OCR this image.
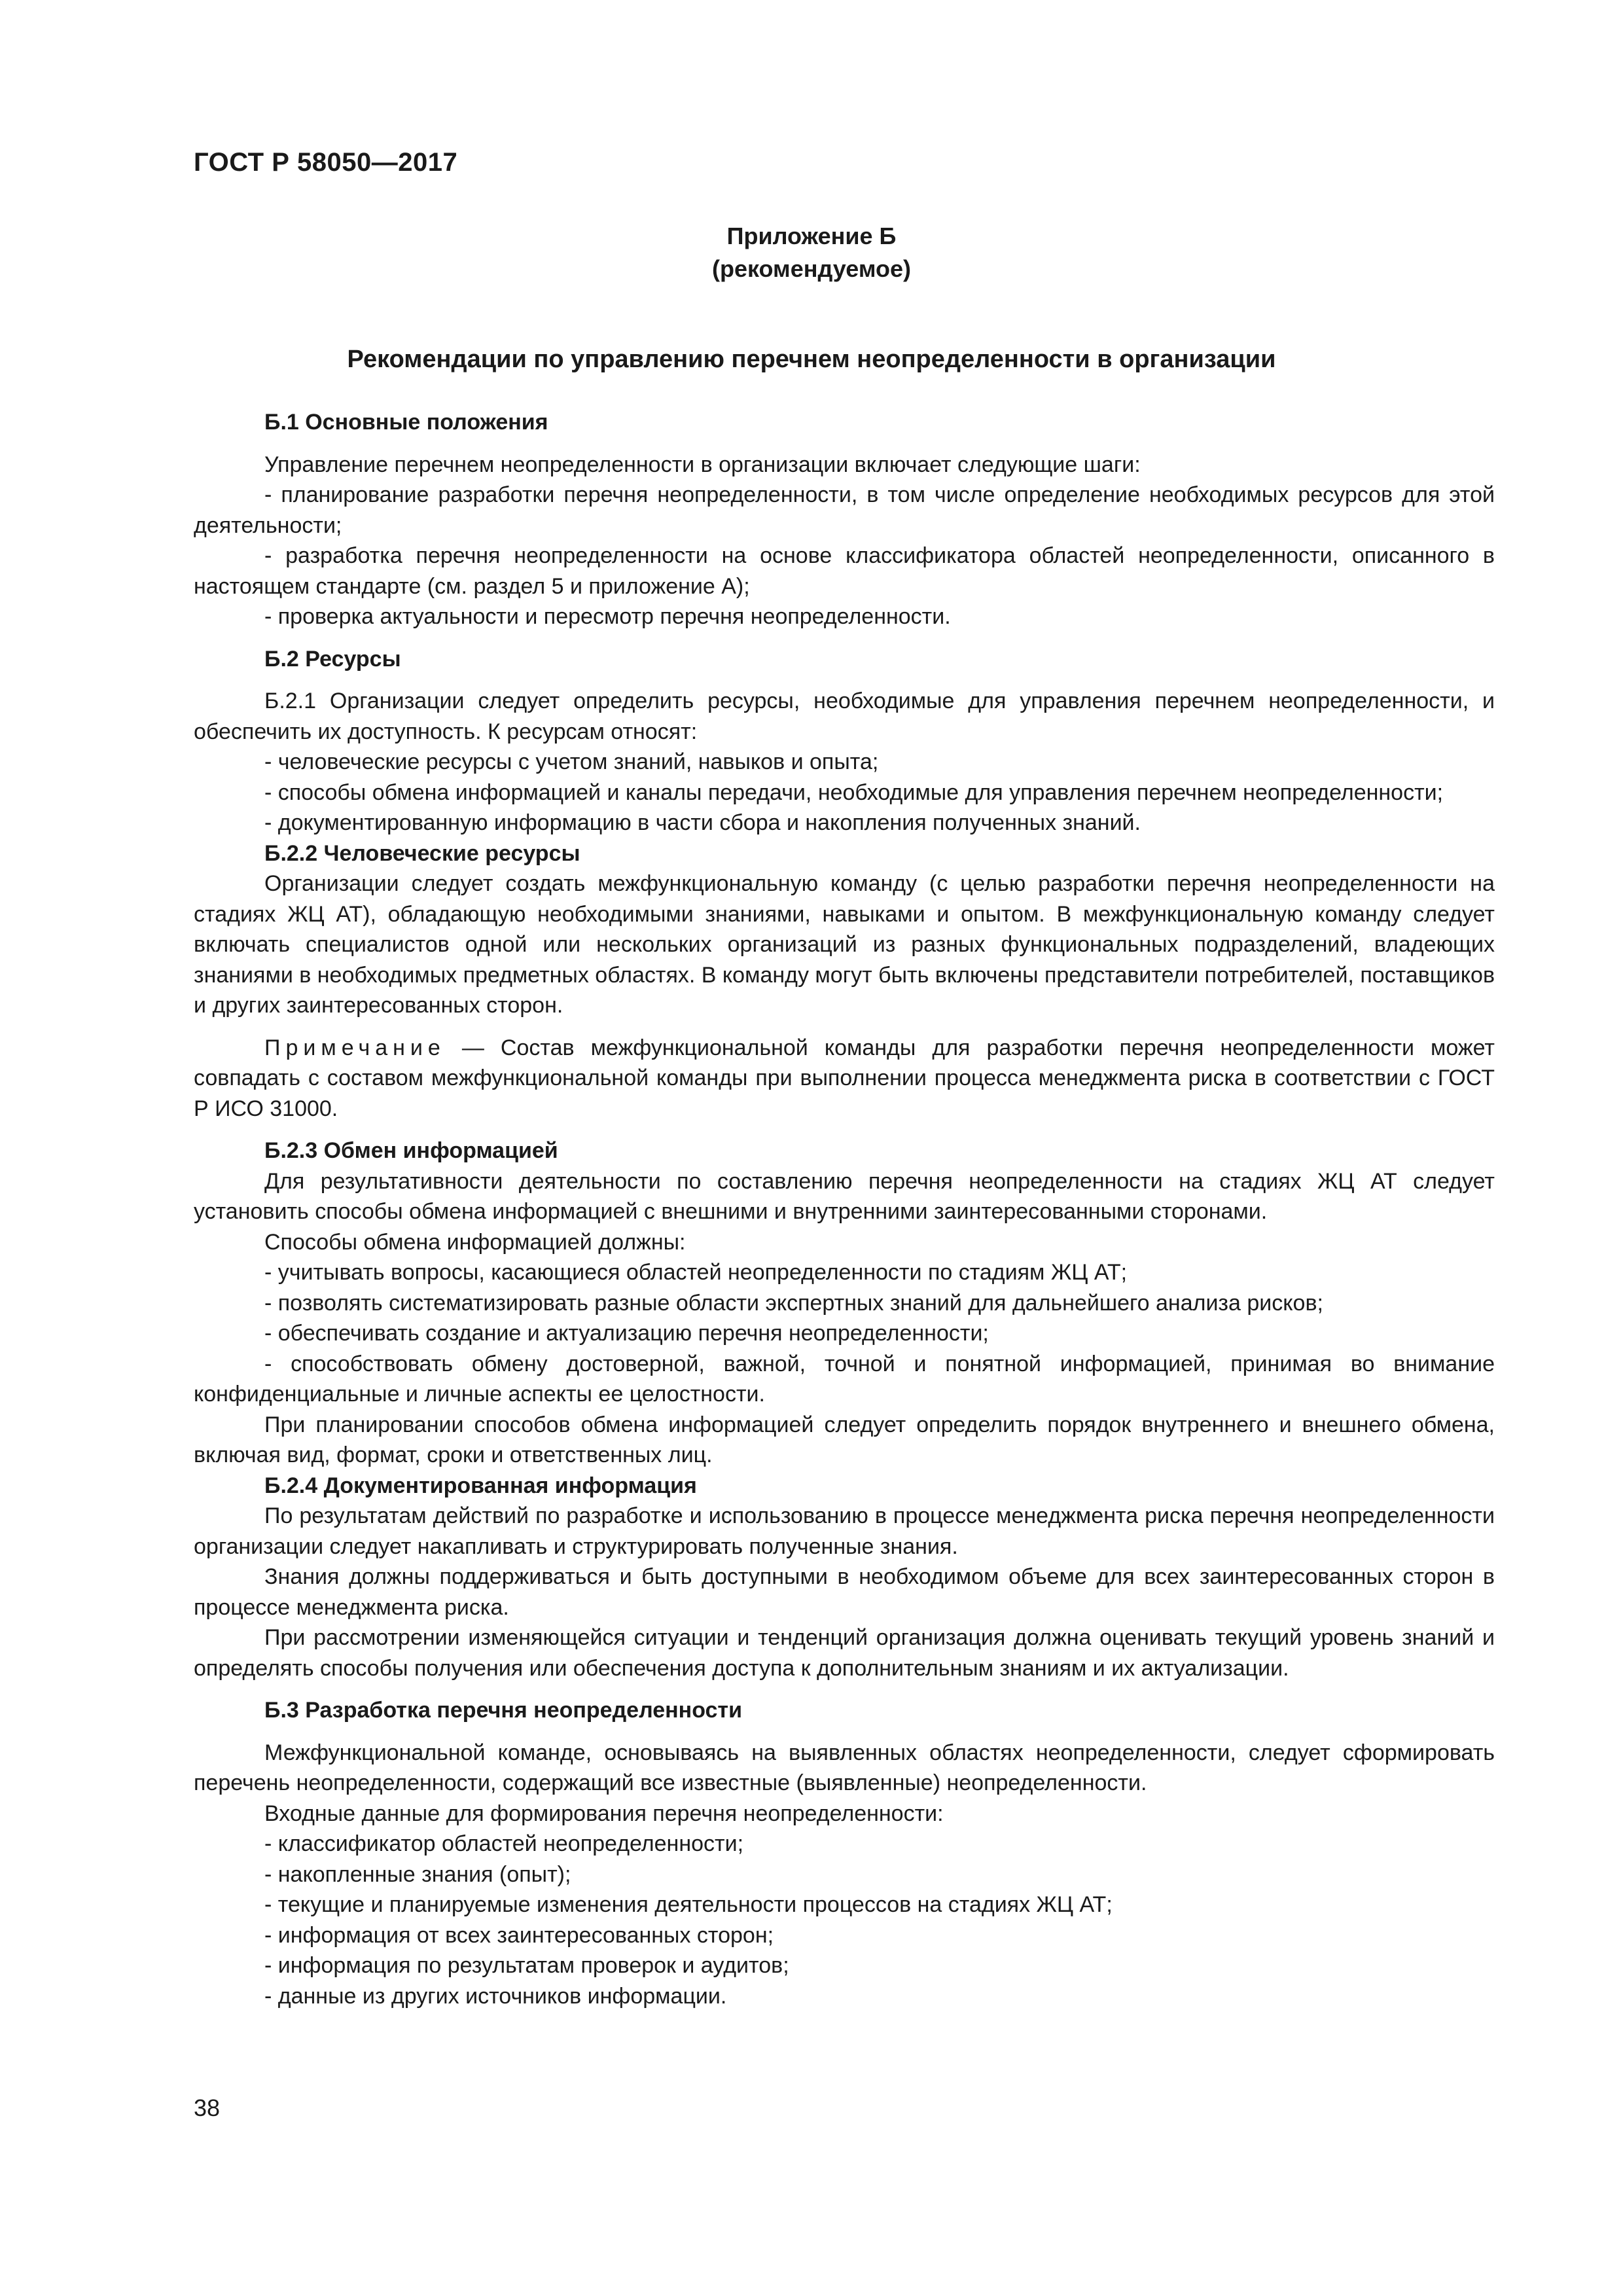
ГОСТ Р 58050—2017
Приложение Б
(рекомендуемое)
Рекомендации по управлению перечнем неопределенности в организации

Б.1 Основные положения

Управление перечнем неопределенности в организации включает следующие шаги:

- планирование разработки перечня неопределенности, в том числе определение необходимых ресурсов для этой деятельности;

- разработка перечня неопределенности на основе классификатора областей неопределенности, описанного в настоящем стандарте (см. раздел 5 и приложение А);

- проверка актуальности и пересмотр перечня неопределенности.

Б.2 Ресурсы

Б.2.1 Организации следует определить ресурсы, необходимые для управления перечнем неопределенности, и обеспечить их доступность. К ресурсам относят:

- человеческие ресурсы с учетом знаний, навыков и опыта;

- способы обмена информацией и каналы передачи, необходимые для управления перечнем неопределенности;

- документированную информацию в части сбора и накопления полученных знаний.

Б.2.2 Человеческие ресурсы

Организации следует создать межфункциональную команду (с целью разработки перечня неопределенности на стадиях ЖЦ АТ), обладающую необходимыми знаниями, навыками и опытом. В межфункциональную команду следует включать специалистов одной или нескольких организаций из разных функциональных подразделений, владеющих знаниями в необходимых предметных областях. В команду могут быть включены представители потребителей, поставщиков и других заинтересованных сторон.

Примечание — Состав межфункциональной команды для разработки перечня неопределенности может совпадать с составом межфункциональной команды при выполнении процесса менеджмента риска в соответствии с ГОСТ Р ИСО 31000.

Б.2.3 Обмен информацией

Для результативности деятельности по составлению перечня неопределенности на стадиях ЖЦ АТ следует установить способы обмена информацией с внешними и внутренними заинтересованными сторонами.

Способы обмена информацией должны:

- учитывать вопросы, касающиеся областей неопределенности по стадиям ЖЦ АТ;

- позволять систематизировать разные области экспертных знаний для дальнейшего анализа рисков;

- обеспечивать создание и актуализацию перечня неопределенности;

- способствовать обмену достоверной, важной, точной и понятной информацией, принимая во внимание конфиденциальные и личные аспекты ее целостности.

При планировании способов обмена информацией следует определить порядок внутреннего и внешнего обмена, включая вид, формат, сроки и ответственных лиц.

Б.2.4 Документированная информация

По результатам действий по разработке и использованию в процессе менеджмента риска перечня неопределенности организации следует накапливать и структурировать полученные знания.

Знания должны поддерживаться и быть доступными в необходимом объеме для всех заинтересованных сторон в процессе менеджмента риска.

При рассмотрении изменяющейся ситуации и тенденций организация должна оценивать текущий уровень знаний и определять способы получения или обеспечения доступа к дополнительным знаниям и их актуализации.

Б.3 Разработка перечня неопределенности

Межфункциональной команде, основываясь на выявленных областях неопределенности, следует сформировать перечень неопределенности, содержащий все известные (выявленные) неопределенности.

Входные данные для формирования перечня неопределенности:

- классификатор областей неопределенности;

- накопленные знания (опыт);

- текущие и планируемые изменения деятельности процессов на стадиях ЖЦ АТ;

- информация от всех заинтересованных сторон;

- информация по результатам проверок и аудитов;

- данные из других источников информации.

38
